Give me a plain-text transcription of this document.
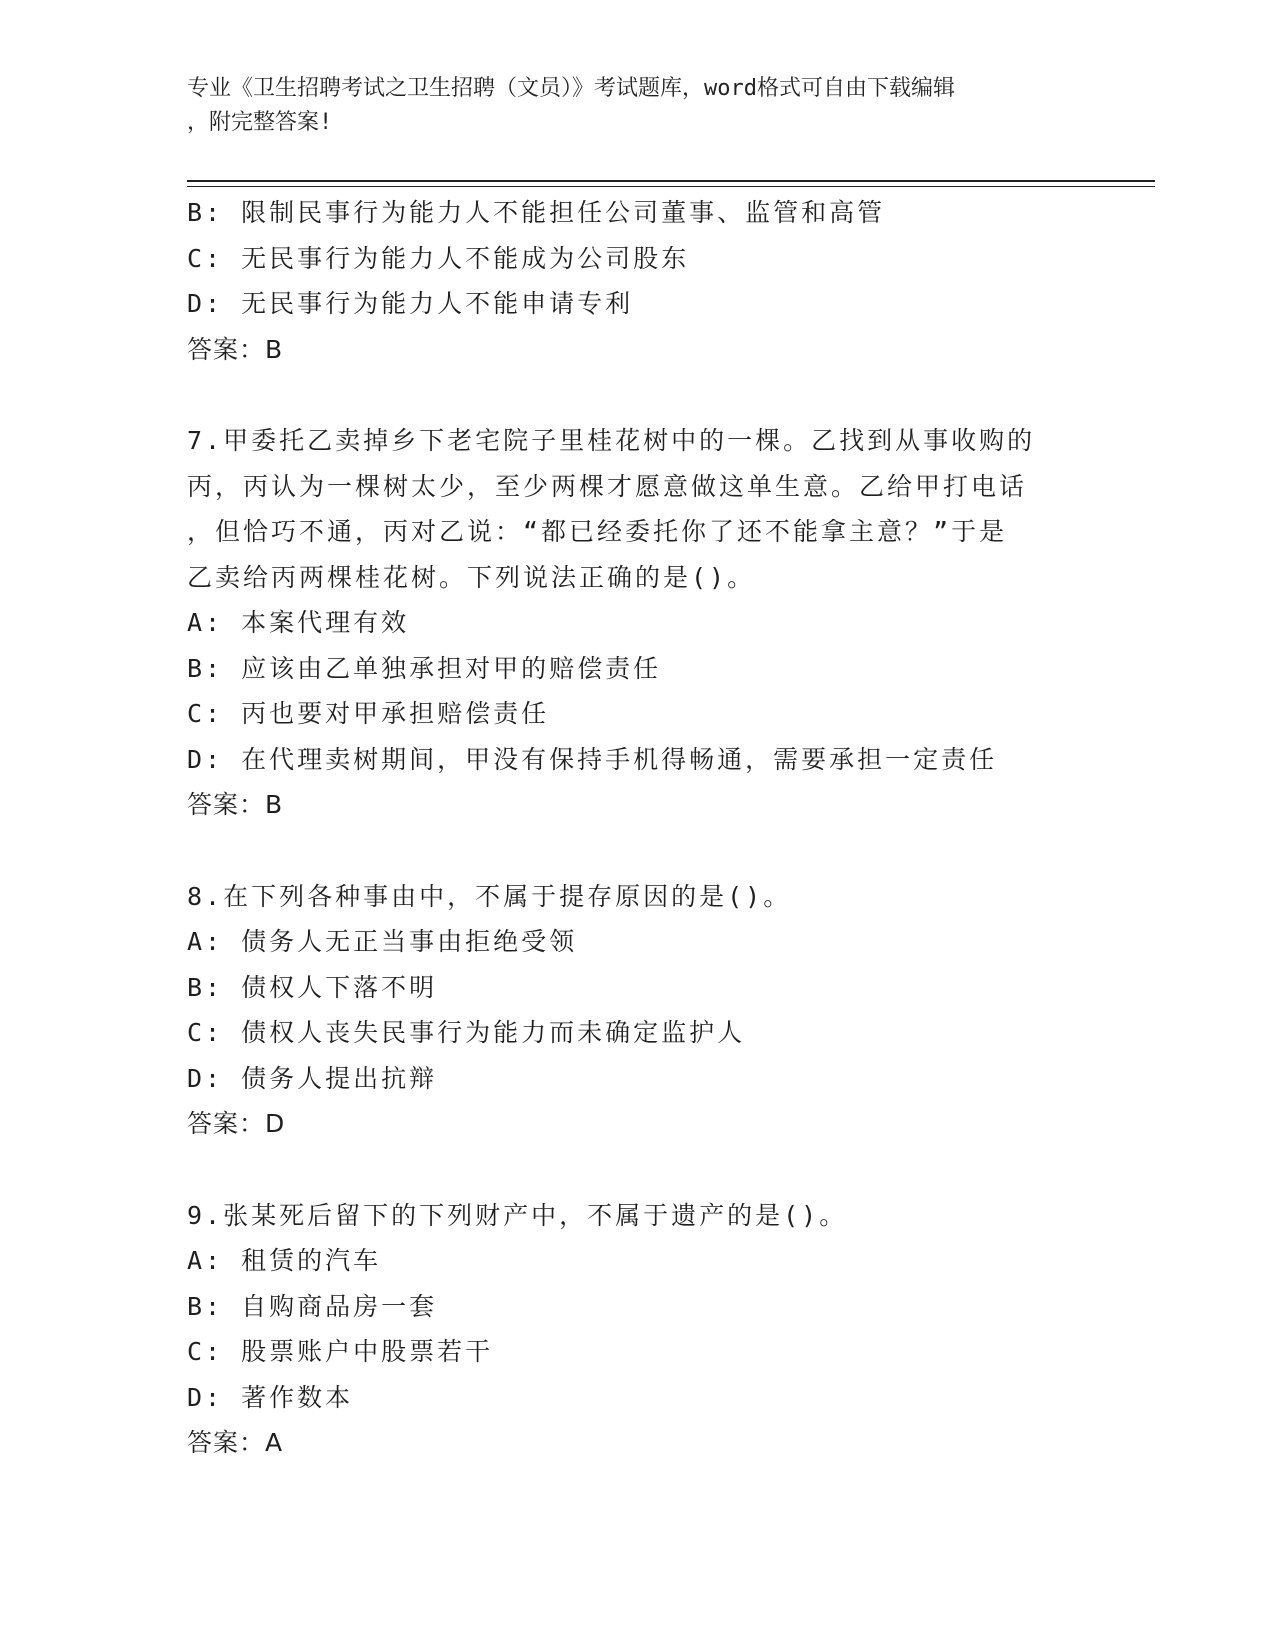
专业《卫生招聘考试之卫生招聘（文员）》考试题库，word格式可自由下载编辑
，附完整答案!
B: 限制民事行为能力人不能担任公司董事、监管和高管
C: 无民事行为能力人不能成为公司股东
D: 无民事行为能力人不能申请专利
答案：B
7.甲委托乙卖掉乡下老宅院子里桂花树中的一棵。乙找到从事收购的
丙，丙认为一棵树太少，至少两棵才愿意做这单生意。乙给甲打电话
，但恰巧不通，丙对乙说：“都已经委托你了还不能拿主意？”于是
乙卖给丙两棵桂花树。下列说法正确的是()。
A: 本案代理有效
B: 应该由乙单独承担对甲的赔偿责任
C: 丙也要对甲承担赔偿责任
D: 在代理卖树期间，甲没有保持手机得畅通，需要承担一定责任
答案：B
8.在下列各种事由中，不属于提存原因的是()。
A: 债务人无正当事由拒绝受领
B: 债权人下落不明
C: 债权人丧失民事行为能力而未确定监护人
D: 债务人提出抗辩
答案：D
9.张某死后留下的下列财产中，不属于遗产的是()。
A: 租赁的汽车
B: 自购商品房一套
C: 股票账户中股票若干
D: 著作数本
答案：A
